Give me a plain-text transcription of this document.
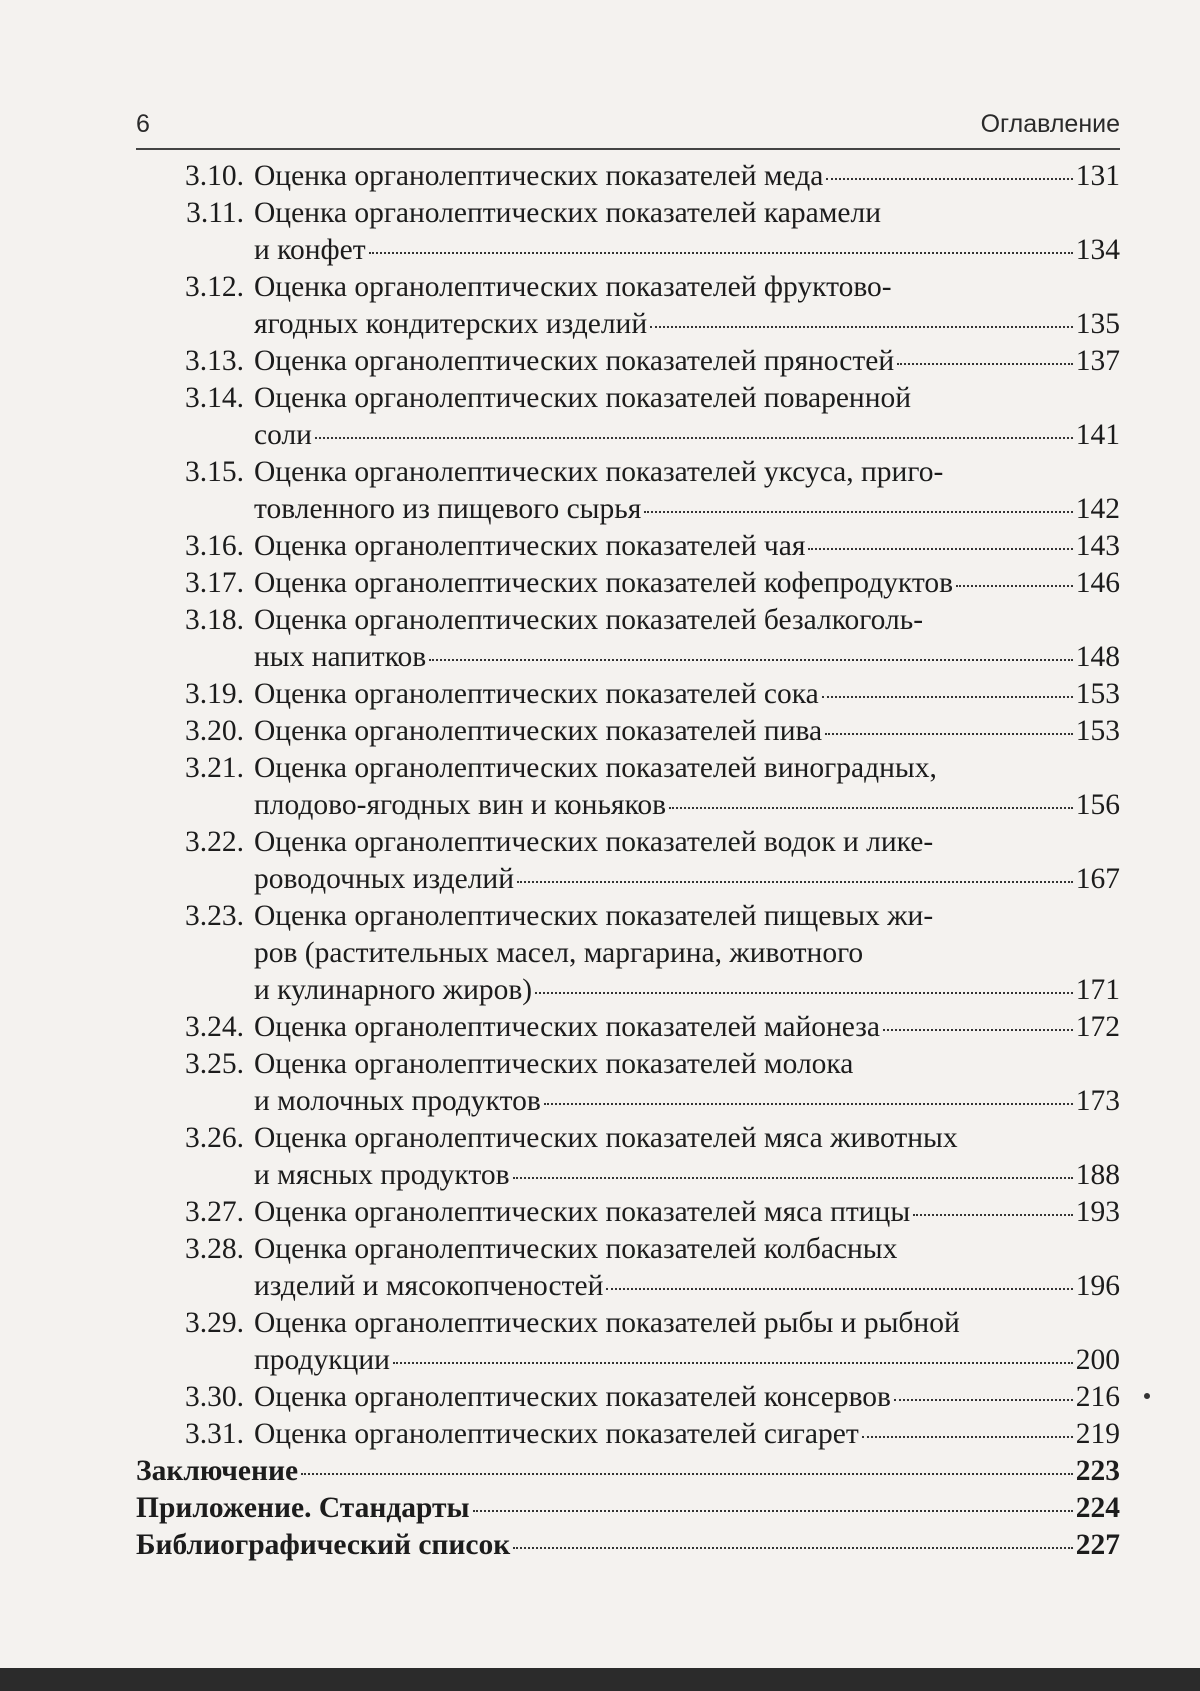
6	Оглавление
3.10. Оценка органолептических показателей меда	131
3.11. Оценка органолептических показателей карамели
и конфет	134
3.12. Оценка органолептических показателей фруктово-
ягодных кондитерских изделий	135
3.13. Оценка органолептических показателей пряностей	137
3.14. Оценка органолептических показателей поваренной
соли	141
3.15. Оценка органолептических показателей уксуса, приго-
товленного из пищевого сырья	142
3.16. Оценка органолептических показателей чая	143
3.17. Оценка органолептических показателей кофепродуктов	146
3.18. Оценка органолептических показателей безалкоголь-
ных напитков	148
3.19. Оценка органолептических показателей сока	153
3.20. Оценка органолептических показателей пива	153
3.21. Оценка органолептических показателей виноградных,
плодово-ягодных вин и коньяков	156
3.22. Оценка органолептических показателей водок и лике-
роводочных изделий	167
3.23. Оценка органолептических показателей пищевых жи-
ров (растительных масел, маргарина, животного
и кулинарного жиров)	171
3.24. Оценка органолептических показателей майонеза	172
3.25. Оценка органолептических показателей молока
и молочных продуктов	173
3.26. Оценка органолептических показателей мяса животных
и мясных продуктов	188
3.27. Оценка органолептических показателей мяса птицы	193
3.28. Оценка органолептических показателей колбасных
изделий и мясокопченостей	196
3.29. Оценка органолептических показателей рыбы и рыбной
продукции	200
3.30. Оценка органолептических показателей консервов	216
3.31. Оценка органолептических показателей сигарет	219
Заключение	223
Приложение. Стандарты	224
Библиографический список	227
